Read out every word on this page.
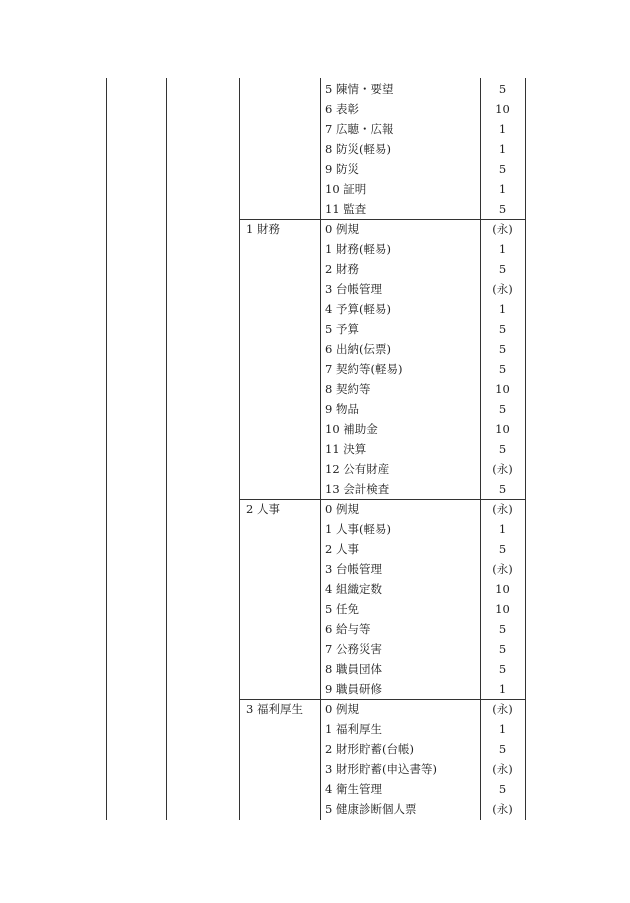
5 陳情・要望	5
6 表彰	10
7 広聴・広報	1
8 防災(軽易)	1
9 防災	5
10 証明	1
11 監査	5
1 財務	0 例規	(永)
1 財務(軽易)	1
2 財務	5
3 台帳管理	(永)
4 予算(軽易)	1
5 予算	5
6 出納(伝票)	5
7 契約等(軽易)	5
8 契約等	10
9 物品	5
10 補助金	10
11 決算	5
12 公有財産	(永)
13 会計検査	5
2 人事	0 例規	(永)
1 人事(軽易)	1
2 人事	5
3 台帳管理	(永)
4 組織定数	10
5 任免	10
6 給与等	5
7 公務災害	5
8 職員団体	5
9 職員研修	1
3 福利厚生 0 例規	(永)
1 福利厚生	1
2 財形貯蓄(台帳)	5
3 財形貯蓄(申込書等)	(永)
4 衛生管理	5
5 健康診断個人票	(永)
